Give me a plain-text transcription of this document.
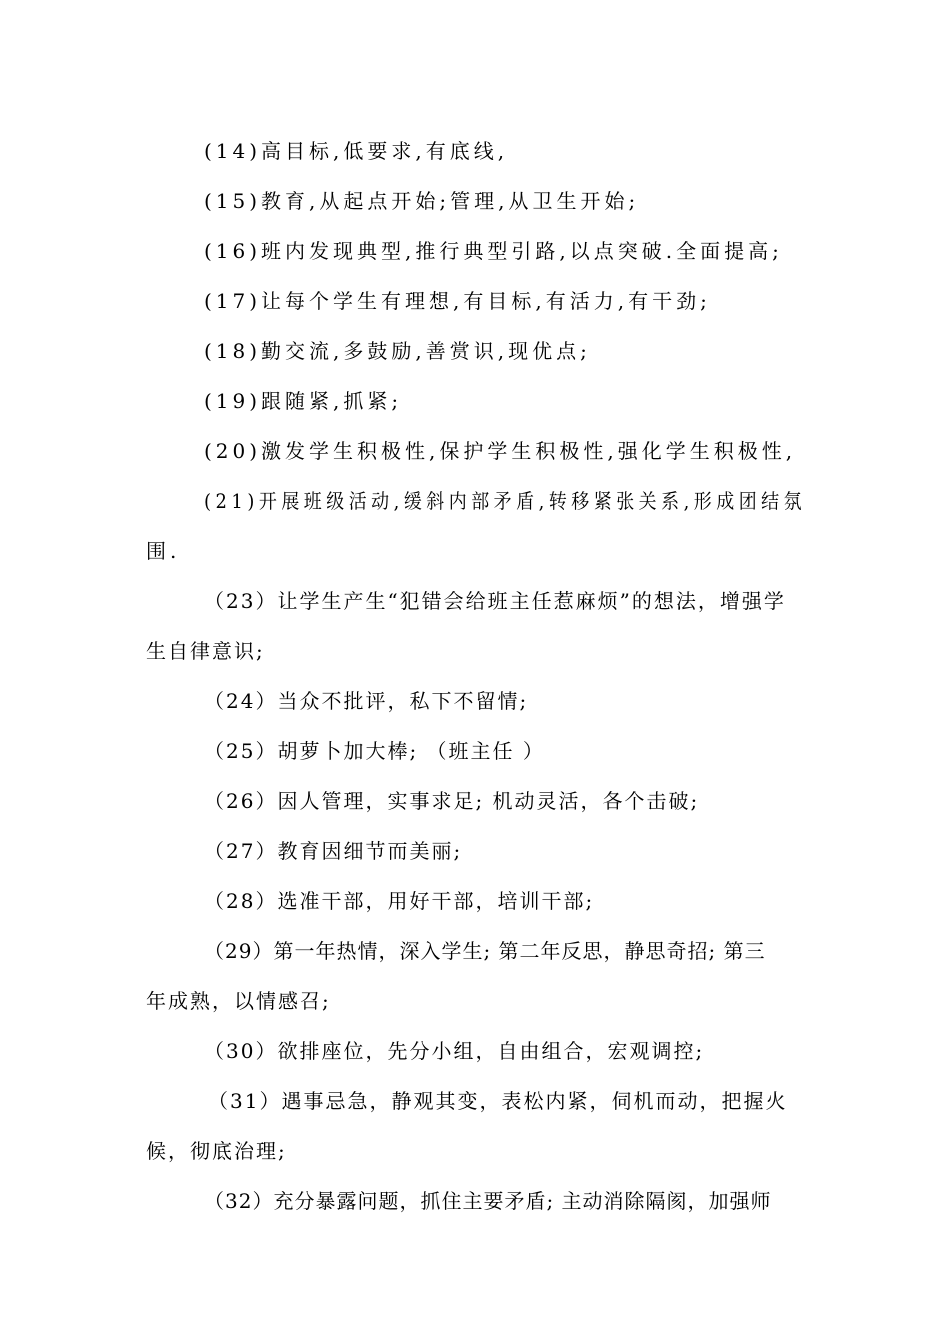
(14)高目标,低要求,有底线,
(15)教育,从起点开始;管理,从卫生开始;
(16)班内发现典型,推行典型引路,以点突破.全面提高;
(17)让每个学生有理想,有目标,有活力,有干劲;
(18)勤交流,多鼓励,善赏识,现优点;
(19)跟随紧,抓紧;
(20)激发学生积极性,保护学生积极性,强化学生积极性,
(21)开展班级活动,缓斜内部矛盾,转移紧张关系,形成团结氛
围.
（23）让学生产生“犯错会给班主任惹麻烦”的想法，增强学
生自律意识;
（24）当众不批评，私下不留情;
（25）胡萝卜加大棒; （班主任 ）
（26）因人管理，实事求足; 机动灵活，各个击破;
（27）教育因细节而美丽;
（28）选准干部，用好干部，培训干部;
（29）第一年热情，深入学生; 第二年反思，静思奇招; 第三
年成熟，以情感召;
（30）欲排座位，先分小组，自由组合，宏观调控;
（31）遇事忌急，静观其变，表松内紧，伺机而动，把握火
候，彻底治理;
（32）充分暴露问题，抓住主要矛盾; 主动消除隔阂，加强师
